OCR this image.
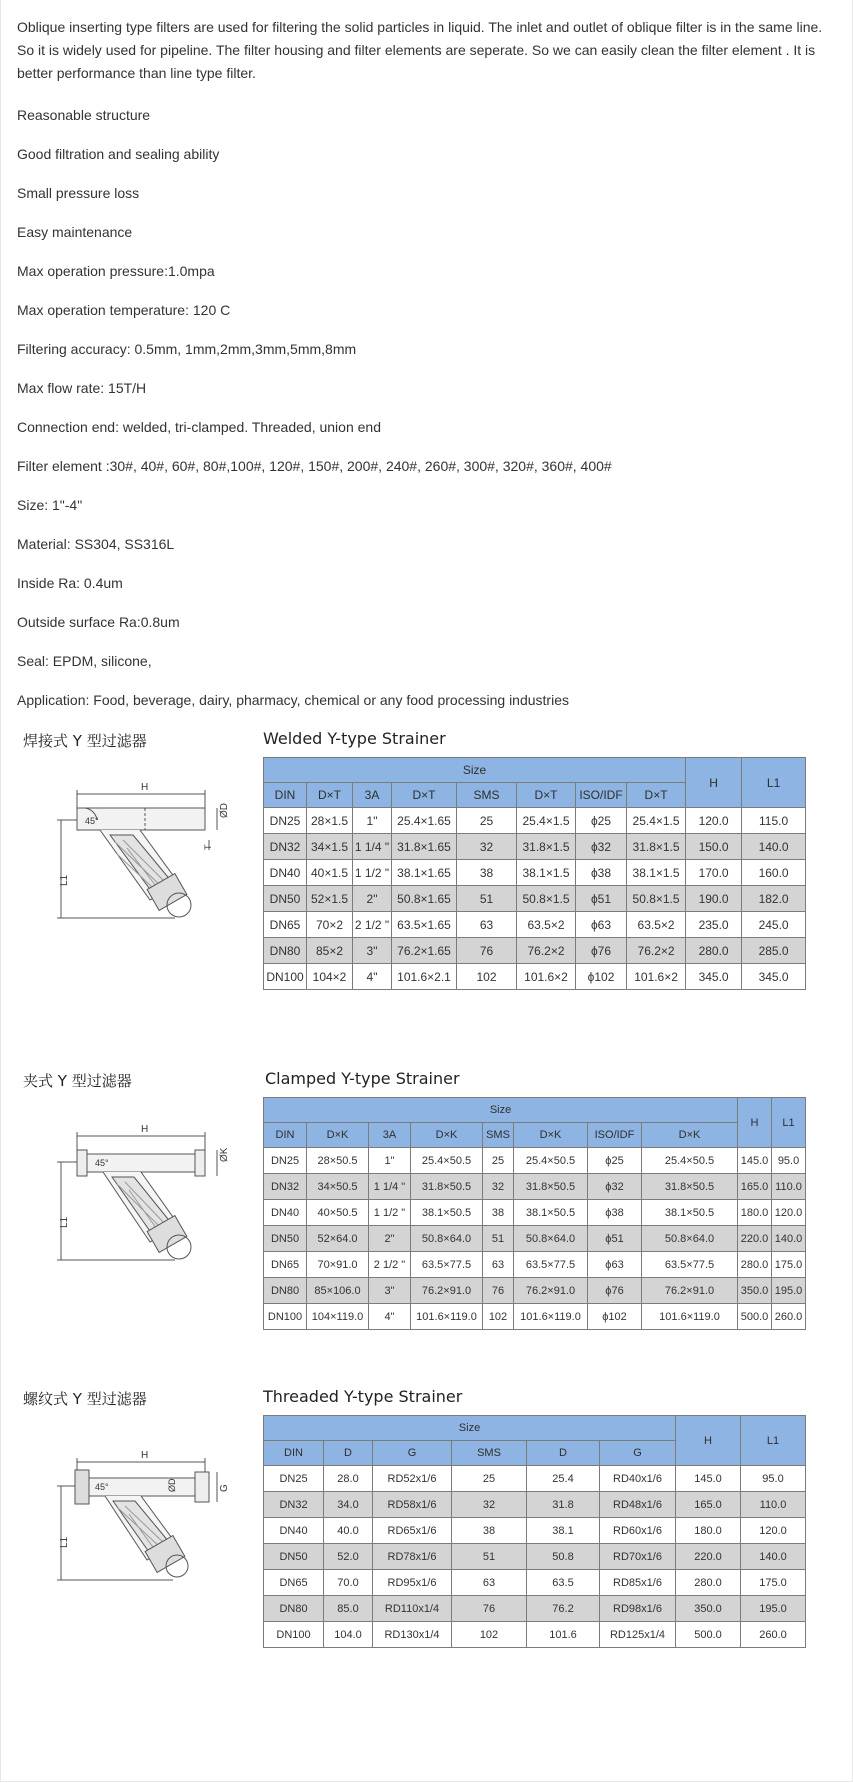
Oblique inserting type filters are used for filtering the solid particles in liquid. The inlet and outlet of oblique filter is in the same line. So it is widely used for pipeline. The filter housing and filter elements are seperate. So we can easily clean the filter element . It is better performance than line type filter.

Reasonable structure

Good filtration and sealing ability

Small pressure loss

Easy maintenance

Max operation pressure:1.0mpa

Max operation temperature: 120 C

Filtering accuracy: 0.5mm, 1mm,2mm,3mm,5mm,8mm

Max flow rate: 15T/H

Connection end: welded, tri-clamped. Threaded, union end

Filter element :30#, 40#, 60#, 80#,100#, 120#, 150#, 200#, 240#, 260#, 300#, 320#, 360#, 400#

Size: 1"-4"

Material: SS304, SS316L

Inside Ra: 0.4um

Outside surface Ra:0.8um

Seal: EPDM, silicone,

Application: Food, beverage, dairy, pharmacy, chemical or any food processing industries

焊接式 Y 型过滤器	Welded Y-type Strainer
H
45°
L1
ØD
T
Size								H	L1
DIN	D×T	3A	D×T	SMS	D×T	ISO/IDF	D×T		
DN25	28×1.5	1"	25.4×1.65	25	25.4×1.5	ϕ25	25.4×1.5	120.0	115.0
DN32	34×1.5	1 1/4 "	31.8×1.65	32	31.8×1.5	ϕ32	31.8×1.5	150.0	140.0
DN40	40×1.5	1 1/2 "	38.1×1.65	38	38.1×1.5	ϕ38	38.1×1.5	170.0	160.0
DN50	52×1.5	2"	50.8×1.65	51	50.8×1.5	ϕ51	50.8×1.5	190.0	182.0
DN65	70×2	2 1/2 "	63.5×1.65	63	63.5×2	ϕ63	63.5×2	235.0	245.0
DN80	85×2	3"	76.2×1.65	76	76.2×2	ϕ76	76.2×2	280.0	285.0
DN100	104×2	4"	101.6×2.1	102	101.6×2	ϕ102	101.6×2	345.0	345.0
夹式 Y 型过滤器	Clamped Y-type Strainer
H
45°
L1
ØK
Size								H	L1
DIN	D×K	3A	D×K	SMS	D×K	ISO/IDF	D×K		
DN25	28×50.5	1"	25.4×50.5	25	25.4×50.5	ϕ25	25.4×50.5	145.0	95.0
DN32	34×50.5	1 1/4 "	31.8×50.5	32	31.8×50.5	ϕ32	31.8×50.5	165.0	110.0
DN40	40×50.5	1 1/2 "	38.1×50.5	38	38.1×50.5	ϕ38	38.1×50.5	180.0	120.0
DN50	52×64.0	2"	50.8×64.0	51	50.8×64.0	ϕ51	50.8×64.0	220.0	140.0
DN65	70×91.0	2 1/2 "	63.5×77.5	63	63.5×77.5	ϕ63	63.5×77.5	280.0	175.0
DN80	85×106.0	3"	76.2×91.0	76	76.2×91.0	ϕ76	76.2×91.0	350.0	195.0
DN100	104×119.0	4"	101.6×119.0	102	101.6×119.0	ϕ102	101.6×119.0	500.0	260.0
螺纹式 Y 型过滤器	Threaded Y-type Strainer
H
45°
L1
ØD	G
Size						H	L1
DIN	D	G	SMS	D	G		
DN25	28.0	RD52x1/6	25	25.4	RD40x1/6	145.0	95.0
DN32	34.0	RD58x1/6	32	31.8	RD48x1/6	165.0	110.0
DN40	40.0	RD65x1/6	38	38.1	RD60x1/6	180.0	120.0
DN50	52.0	RD78x1/6	51	50.8	RD70x1/6	220.0	140.0
DN65	70.0	RD95x1/6	63	63.5	RD85x1/6	280.0	175.0
DN80	85.0	RD110x1/4	76	76.2	RD98x1/6	350.0	195.0
DN100	104.0	RD130x1/4	102	101.6	RD125x1/4	500.0	260.0
